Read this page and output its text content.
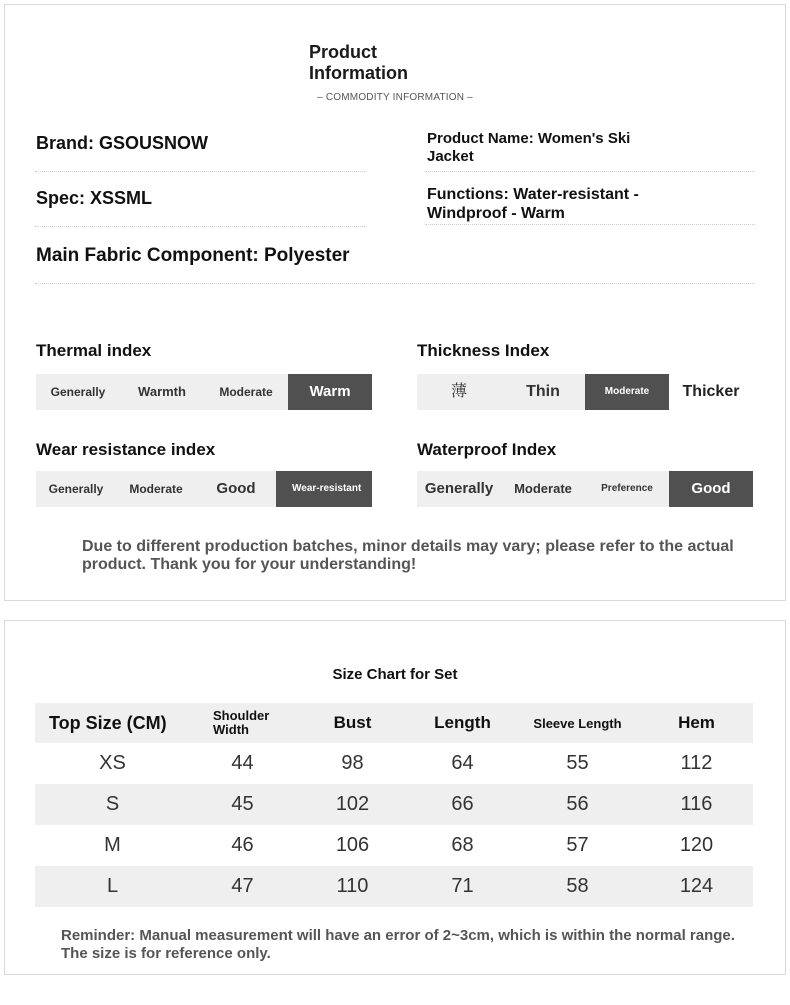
Product
Information
– COMMODITY INFORMATION –
Brand: GSOUSNOW	Product Name: Women's Ski
Jacket
Spec: XSSML	Functions: Water-resistant -
Windproof - Warm
Main Fabric Component: Polyester
Thermal index
Generally	Warmth	Moderate	Warm
Thickness Index
薄	Thin	Moderate	Thicker
Wear resistance index
Generally	Moderate	Good	Wear-resistant
Waterproof Index
Generally	Moderate	Preference	Good
Due to different production batches, minor details may vary; please refer to the actual product. Thank you for your understanding!
Size Chart for Set
Top Size (CM)	Shoulder Width	Bust	Length	Sleeve Length	Hem
XS	44	98	64	55	112
S	45	102	66	56	116
M	46	106	68	57	120
L	47	110	71	58	124
Reminder: Manual measurement will have an error of 2~3cm, which is within the normal range. The size is for reference only.
